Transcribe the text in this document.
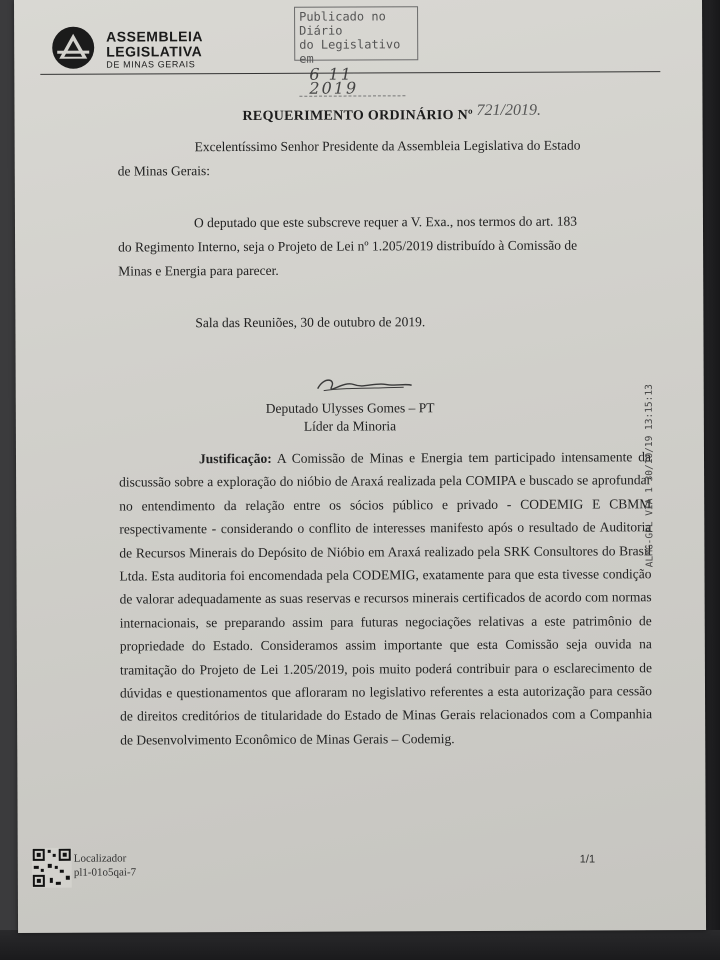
ASSEMBLEIA
LEGISLATIVA
DE MINAS GERAIS
Publicado no Diário
do Legislativo em
6 11 2019
REQUERIMENTO ORDINÁRIO Nº 721/2019.
Excelentíssimo Senhor Presidente da Assembleia Legislativa do Estado
de Minas Gerais:
O deputado que este subscreve requer a V. Exa., nos termos do art. 183
do Regimento Interno, seja o Projeto de Lei nº 1.205/2019 distribuído à Comissão de
Minas e Energia para parecer.
Sala das Reuniões, 30 de outubro de 2019.
Deputado Ulysses Gomes – PT
Líder da Minoria

Justificação: A Comissão de Minas e Energia tem participado intensamente da discussão sobre a exploração do nióbio de Araxá realizada pela COMIPA e buscado se aprofundar no entendimento da relação entre os sócios público e privado - CODEMIG E CBMM respectivamente - considerando o conflito de interesses manifesto após o resultado de Auditoria de Recursos Minerais do Depósito de Nióbio em Araxá realizado pela SRK Consultores do Brasil Ltda. Esta auditoria foi encomendada pela CODEMIG, exatamente para que esta tivesse condição de valorar adequadamente as suas reservas e recursos minerais certificados de acordo com normas internacionais, se preparando assim para futuras negociações relativas a este patrimônio de propriedade do Estado. Consideramos assim importante que esta Comissão seja ouvida na tramitação do Projeto de Lei 1.205/2019, pois muito poderá contribuir para o esclarecimento de dúvidas e questionamentos que afloraram no legislativo referentes a esta autorização para cessão de direitos creditórios de titularidade do Estado de Minas Gerais relacionados com a Companhia de Desenvolvimento Econômico de Minas Gerais – Codemig.

ALMG-GPL VIA 1 30/10/19 13:15:13
Localizador
pl1-01o5qai-7
1/1
